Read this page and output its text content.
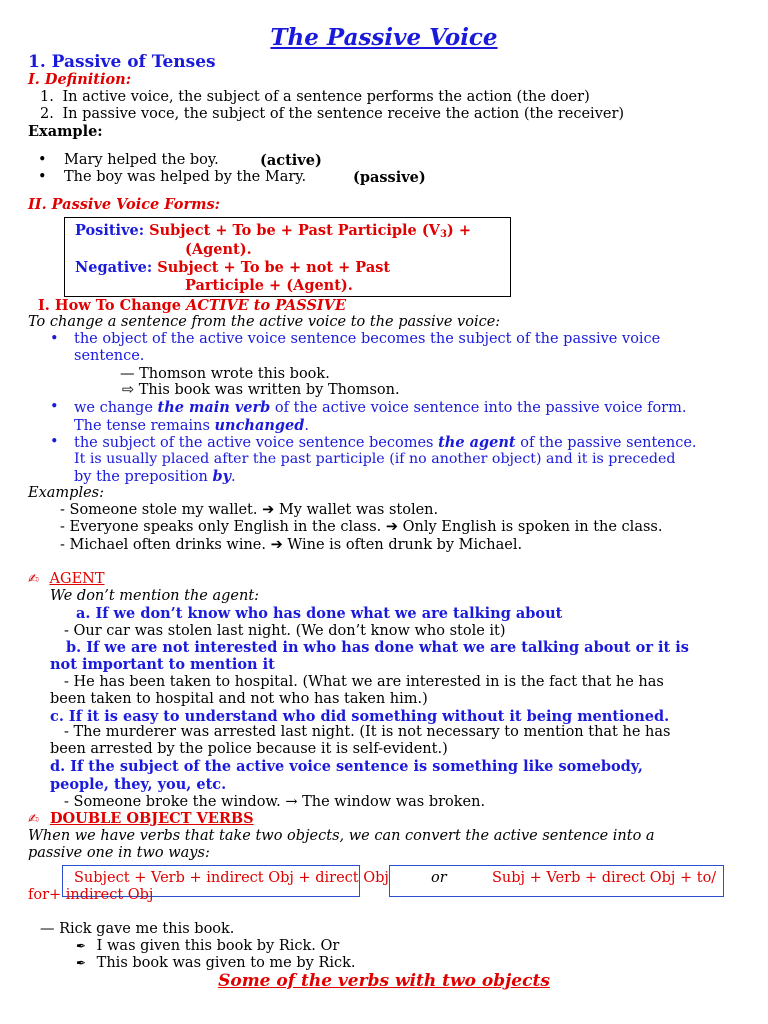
The Passive Voice
1. Passive of Tenses
I. Definition:
1. In active voice, the subject of a sentence performs the action (the doer)
2. In passive voce, the subject of the sentence receive the action (the receiver)
Example:
• Mary helped the boy.	(active)
• The boy was helped by the Mary.	(passive)
II. Passive Voice Forms:
Positive: Subject + To be + Past Participle $(V_3)$ +
(Agent).
Negative: Subject + To be + not + Past
Participle + (Agent).
I. How To Change ACTIVE to PASSIVE
To change a sentence from the active voice to the passive voice:
• the object of the active voice sentence becomes the subject of the passive voice
sentence.
— Thomson wrote this book.
⇨ This book was written by Thomson.
• we change the main verb of the active voice sentence into the passive voice form.
The tense remains unchanged.
• the subject of the active voice sentence becomes the agent of the passive sentence.
It is usually placed after the past participle (if no another object) and it is preceded
by the preposition by.
Examples:
- Someone stole my wallet. ➔ My wallet was stolen.
- Everyone speaks only English in the class. ➔ Only English is spoken in the class.
- Michael often drinks wine. ➔ Wine is often drunk by Michael.
✍ AGENT
We don’t mention the agent:
a. If we don’t know who has done what we are talking about
- Our car was stolen last night. (We don’t know who stole it)
b. If we are not interested in who has done what we are talking about or it is
not important to mention it
- He has been taken to hospital. (What we are interested in is the fact that he has
been taken to hospital and not who has taken him.)
c. If it is easy to understand who did something without it being mentioned.
- The murderer was arrested last night. (It is not necessary to mention that he has
been arrested by the police because it is self-evident.)
d. If the subject of the active voice sentence is something like somebody,
people, they, you, etc.
- Someone broke the window. → The window was broken.
✍ DOUBLE OBJECT VERBS
When we have verbs that take two objects, we can convert the active sentence into a
passive one in two ways:
Subject + Verb + indirect Obj + direct Obj	or	Subj + Verb + direct Obj + to/
for+ indirect Obj
— Rick gave me this book.
✒ I was given this book by Rick. Or
✒ This book was given to me by Rick.
Some of the verbs with two objects
